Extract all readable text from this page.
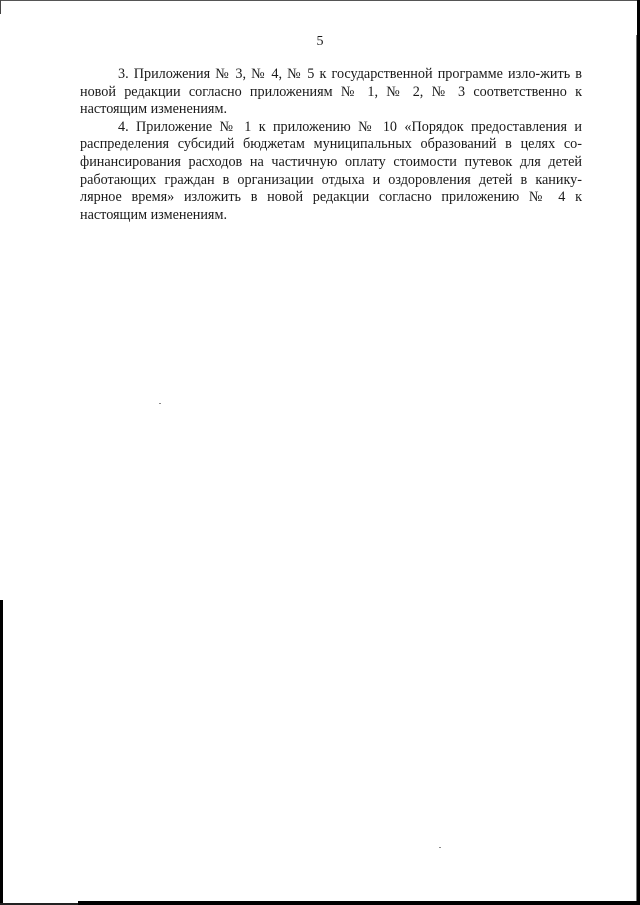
5

3. Приложения № 3, № 4, № 5 к государственной программе изло-жить в новой редакции согласно приложениям № 1, № 2, № 3 соответственно к настоящим изменениям.

4. Приложение № 1 к приложению № 10 «Порядок предоставления и распределения субсидий бюджетам муниципальных образований в целях со-финансирования расходов на частичную оплату стоимости путевок для детей работающих граждан в организации отдыха и оздоровления детей в канику-лярное время» изложить в новой редакции согласно приложению № 4 к настоящим изменениям.
